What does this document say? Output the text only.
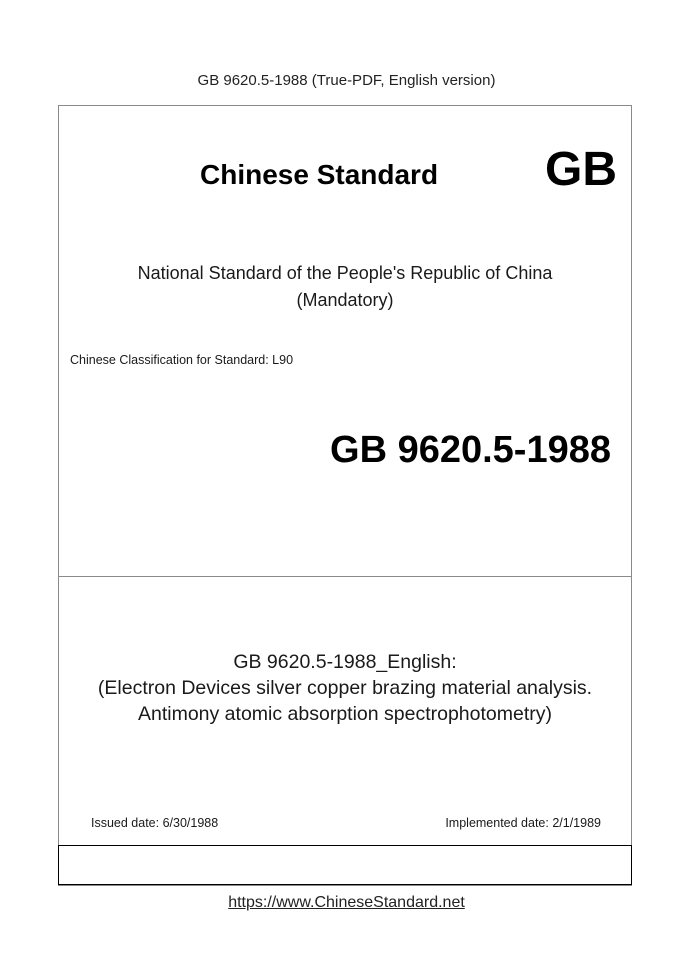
GB 9620.5-1988 (True-PDF, English version)
Chinese Standard GB
National Standard of the People's Republic of China
(Mandatory)
Chinese Classification for Standard: L90
GB 9620.5-1988
GB 9620.5-1988_English:
(Electron Devices silver copper brazing material analysis.
Antimony atomic absorption spectrophotometry)
Issued date: 6/30/1988	Implemented date: 2/1/1989
https://www.ChineseStandard.net
